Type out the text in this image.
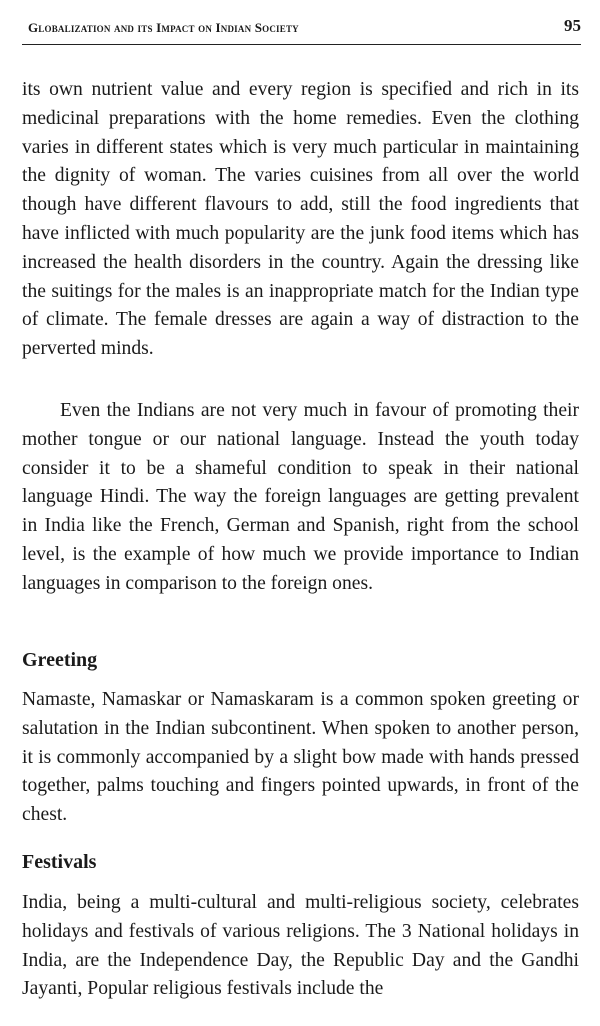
Globalization and its Impact on Indian Society	95

its own nutrient value and every region is specified and rich in its medicinal preparations with the home remedies. Even the clothing varies in different states which is very much particular in maintaining the dignity of woman. The varies cuisines from all over the world though have different flavours to add, still the food ingredients that have inflicted with much popularity are the junk food items which has increased the health disorders in the country. Again the dressing like the suitings for the males is an inappropriate match for the Indian type of climate. The female dresses are again a way of distraction to the perverted minds.

Even the Indians are not very much in favour of promoting their mother tongue or our national language. Instead the youth today consider it to be a shameful condition to speak in their national language Hindi. The way the foreign languages are getting prevalent in India like the French, German and Spanish, right from the school level, is the example of how much we provide importance to Indian languages in comparison to the foreign ones.

Greeting

Namaste, Namaskar or Namaskaram is a common spoken greeting or salutation in the Indian subcontinent. When spoken to another person, it is commonly accompanied by a slight bow made with hands pressed together, palms touching and fingers pointed upwards, in front of the chest.

Festivals

India, being a multi-cultural and multi-religious society, celebrates holidays and festivals of various religions. The 3 National holidays in India, are the Independence Day, the Republic Day and the Gandhi Jayanti, Popular religious festivals include the
